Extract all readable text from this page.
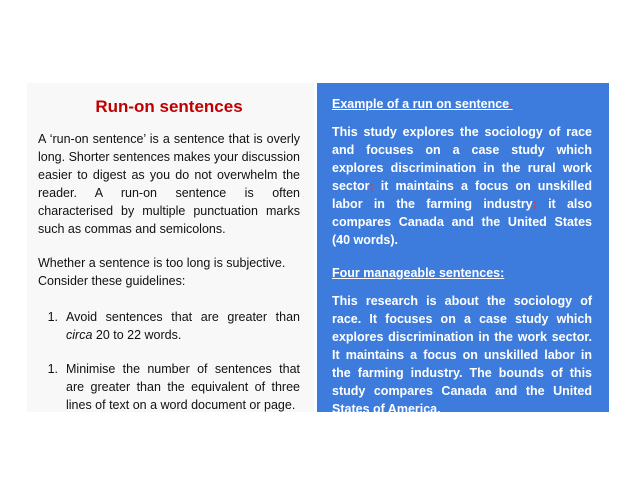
Run-on sentences

A ‘run-on sentence’ is a sentence that is overly long. Shorter sentences makes your discussion easier to digest as you do not overwhelm the reader. A run-on sentence is often characterised by multiple punctuation marks such as commas and semicolons.

Whether a sentence is too long is subjective. Consider these guidelines:

1. Avoid sentences that are greater than circa 20 to 22 words.
1. Minimise the number of sentences that are greater than the equivalent of three lines of text on a word document or page.
Example of a run on sentence.
This study explores the sociology of race and focuses on a case study which explores discrimination in the rural work sector; it maintains a focus on unskilled labor in the farming industry; it also compares Canada and the United States (40 words).
Four manageable sentences:
This research is about the sociology of race. It focuses on a case study which explores discrimination in the work sector. It maintains a focus on unskilled labor in the farming industry. The bounds of this study compares Canada and the United States of America.
